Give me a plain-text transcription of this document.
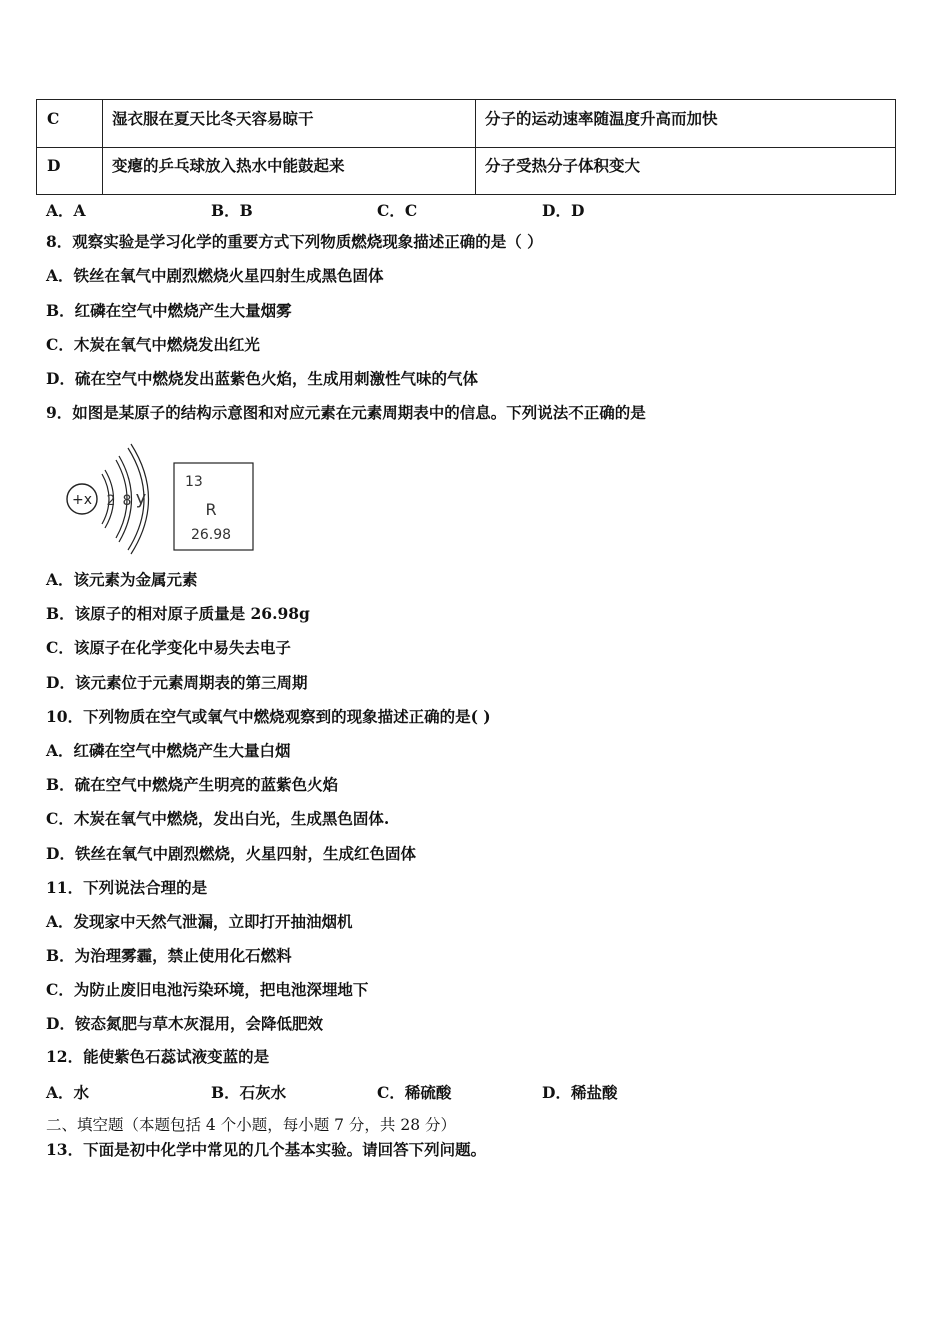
C	湿衣服在夏天比冬天容易晾干	分子的运动速率随温度升高而加快
D	变瘪的乒乓球放入热水中能鼓起来	分子受热分子体积变大
A．A	B．B	C．C	D．D
8．观察实验是学习化学的重要方式下列物质燃烧现象描述正确的是（ ）
A．铁丝在氧气中剧烈燃烧火星四射生成黑色固体
B．红磷在空气中燃烧产生大量烟雾
C．木炭在氧气中燃烧发出红光
D．硫在空气中燃烧发出蓝紫色火焰，生成用刺激性气味的气体
9．如图是某原子的结构示意图和对应元素在元素周期表中的信息。下列说法不正确的是
+x 2 8 y
13
R
26.98
A．该元素为金属元素
B．该原子的相对原子质量是 26.98g
C．该原子在化学变化中易失去电子
D．该元素位于元素周期表的第三周期
10．下列物质在空气或氧气中燃烧观察到的现象描述正确的是( )
A．红磷在空气中燃烧产生大量白烟
B．硫在空气中燃烧产生明亮的蓝紫色火焰
C．木炭在氧气中燃烧，发出白光，生成黑色固体.
D．铁丝在氧气中剧烈燃烧，火星四射，生成红色固体
11．下列说法合理的是
A．发现家中天然气泄漏，立即打开抽油烟机
B．为治理雾霾，禁止使用化石燃料
C．为防止废旧电池污染环境，把电池深埋地下
D．铵态氮肥与草木灰混用，会降低肥效
12．能使紫色石蕊试液变蓝的是
A．水	B．石灰水	C．稀硫酸	D．稀盐酸
二、填空题（本题包括 4 个小题，每小题 7 分，共 28 分）
13．下面是初中化学中常见的几个基本实验。请回答下列问题。
